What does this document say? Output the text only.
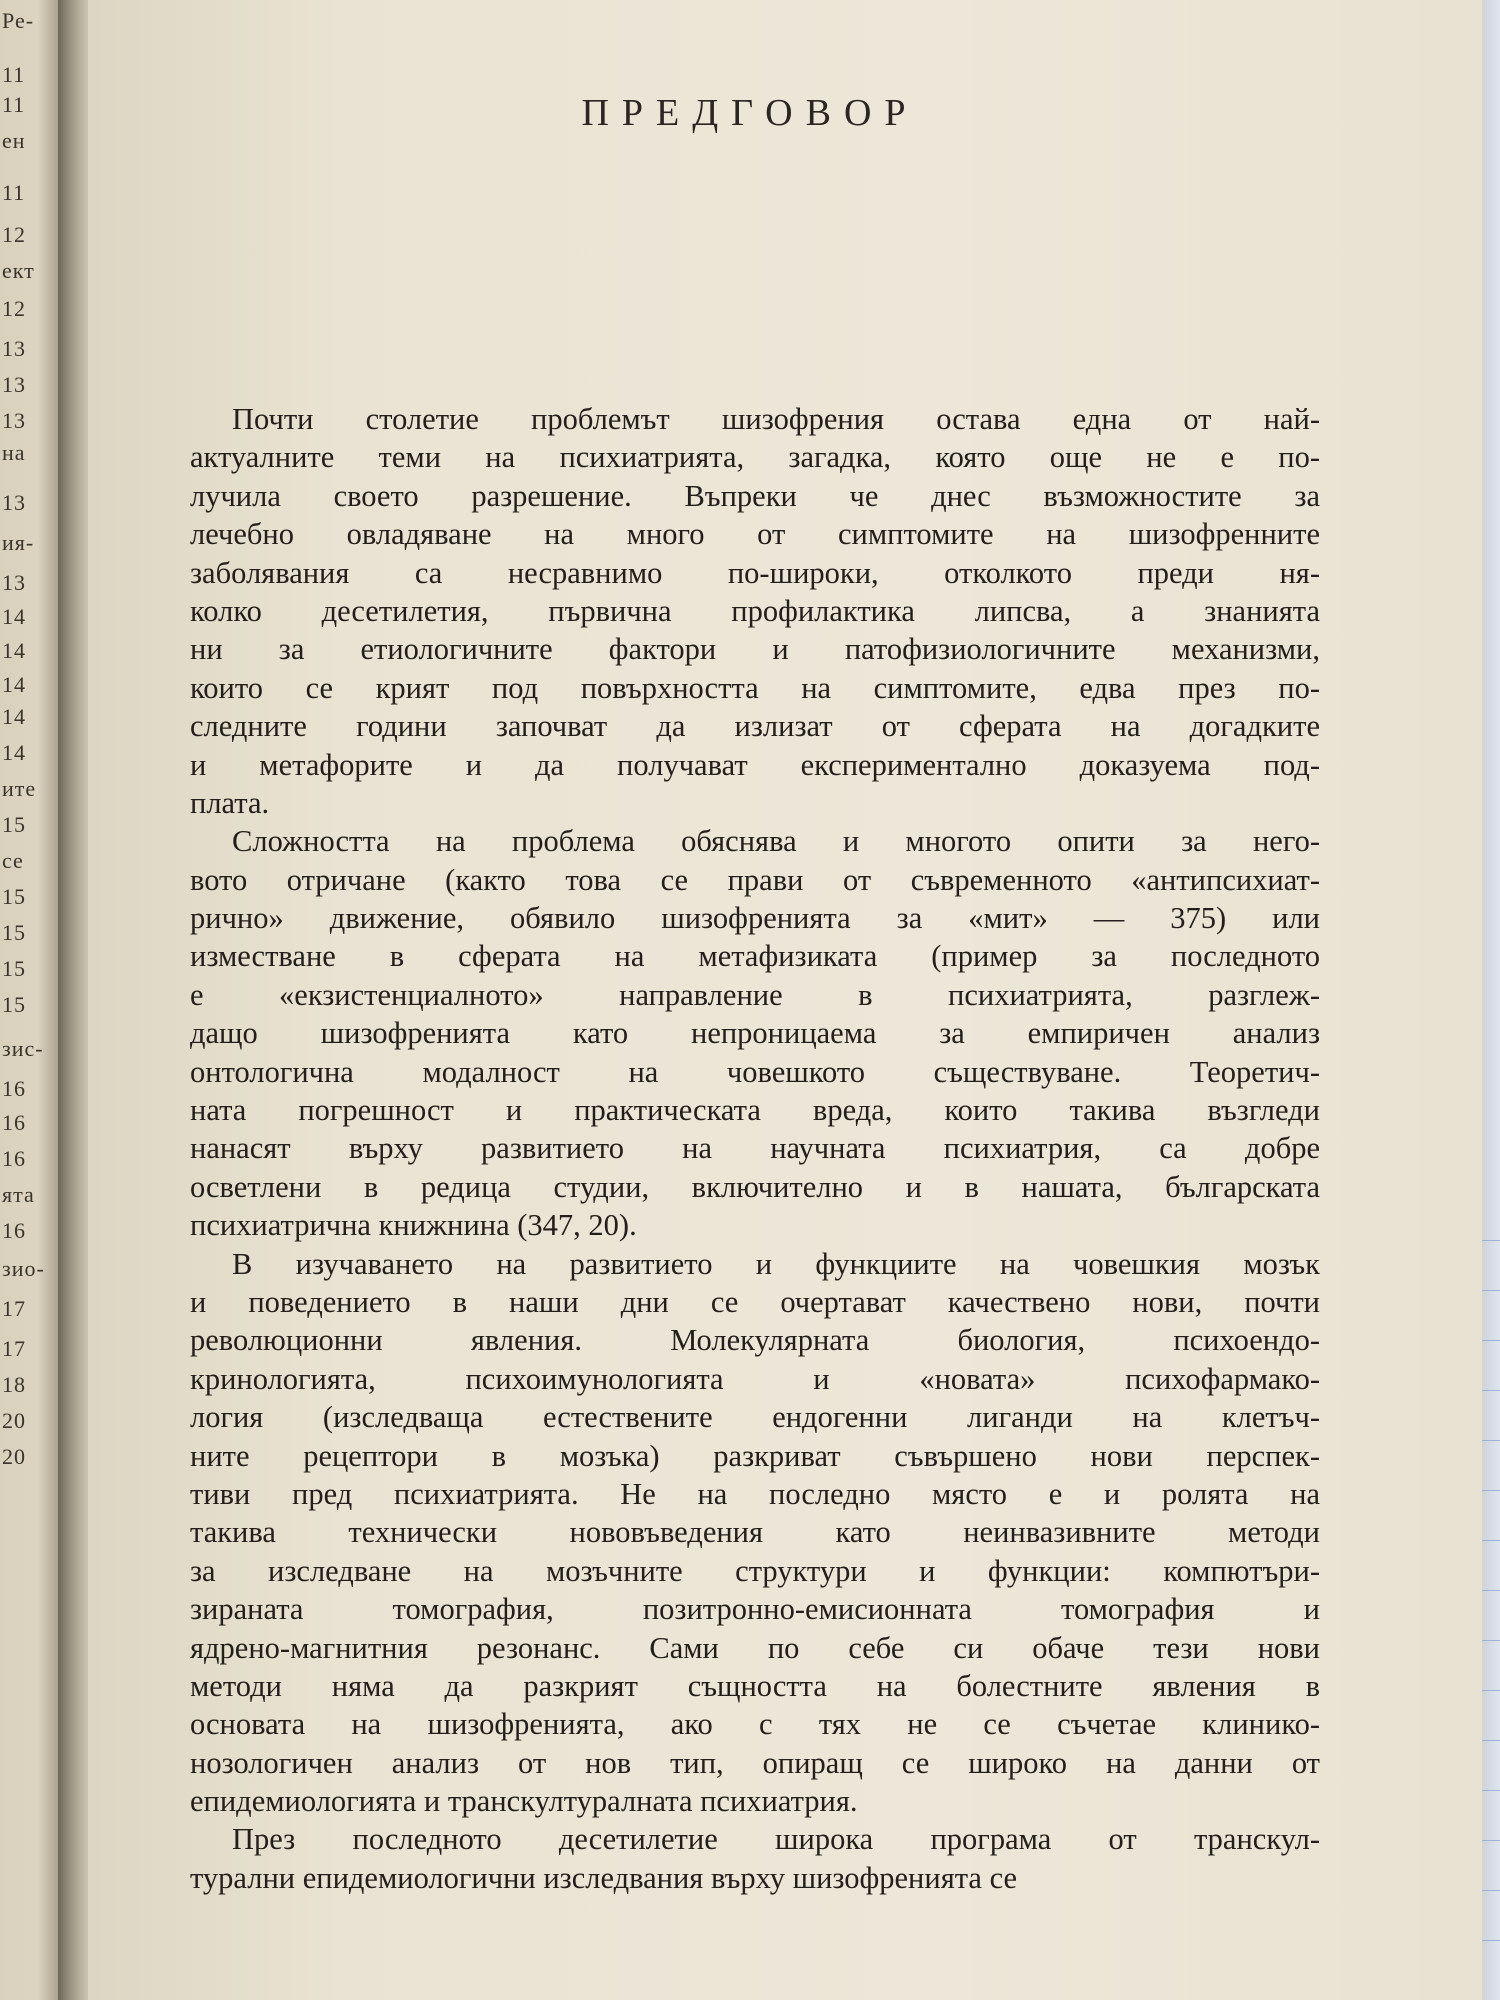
Ре-
11
11
ен
11
12
ект
12
13
13
13
на
13
ия-
13
14
14
14
14
14
ите
15
се
15
15
15
15
зис-
16
16
16
ята
16
зио-
17
17
18
20
20
ПРЕДГОВОР
Почти столетие проблемът шизофрения остава една от най-
актуалните теми на психиатрията, загадка, която още не е по-
лучила своето разрешение. Въпреки че днес възможностите за
лечебно овладяване на много от симптомите на шизофренните
заболявания са несравнимо по-широки, отколкото преди ня-
колко десетилетия, първична профилактика липсва, а знанията
ни за етиологичните фактори и патофизиологичните механизми,
които се крият под повърхността на симптомите, едва през по-
следните години започват да излизат от сферата на догадките
и метафорите и да получават експериментално доказуема под-
плата.
Сложността на проблема обяснява и многото опити за него-
вото отричане (както това се прави от съвременното «антипсихиат-
рично» движение, обявило шизофренията за «мит» — 375) или
изместване в сферата на метафизиката (пример за последното
е «екзистенциалното» направление в психиатрията, разглеж-
дащо шизофренията като непроницаема за емпиричен анализ
онтологична модалност на човешкото съществуване. Теоретич-
ната погрешност и практическата вреда, които такива възгледи
нанасят върху развитието на научната психиатрия, са добре
осветлени в редица студии, включително и в нашата, българската
психиатрична книжнина (347, 20).
В изучаването на развитието и функциите на човешкия мозък
и поведението в наши дни се очертават качествено нови, почти
революционни явления. Молекулярната биология, психоендо-
кринологията, психоимунологията и «новата» психофармако-
логия (изследваща естествените ендогенни лиганди на клетъч-
ните рецептори в мозъка) разкриват съвършено нови перспек-
тиви пред психиатрията. Не на последно място е и ролята на
такива технически нововъведения като неинвазивните методи
за изследване на мозъчните структури и функции: компютъри-
зираната томография, позитронно-емисионната томография и
ядрено-магнитния резонанс. Сами по себе си обаче тези нови
методи няма да разкрият същността на болестните явления в
основата на шизофренията, ако с тях не се съчетае клинико-
нозологичен анализ от нов тип, опиращ се широко на данни от
епидемиологията и транскултуралната психиатрия.
През последното десетилетие широка програма от транскул-
турални епидемиологични изследвания върху шизофренията се
